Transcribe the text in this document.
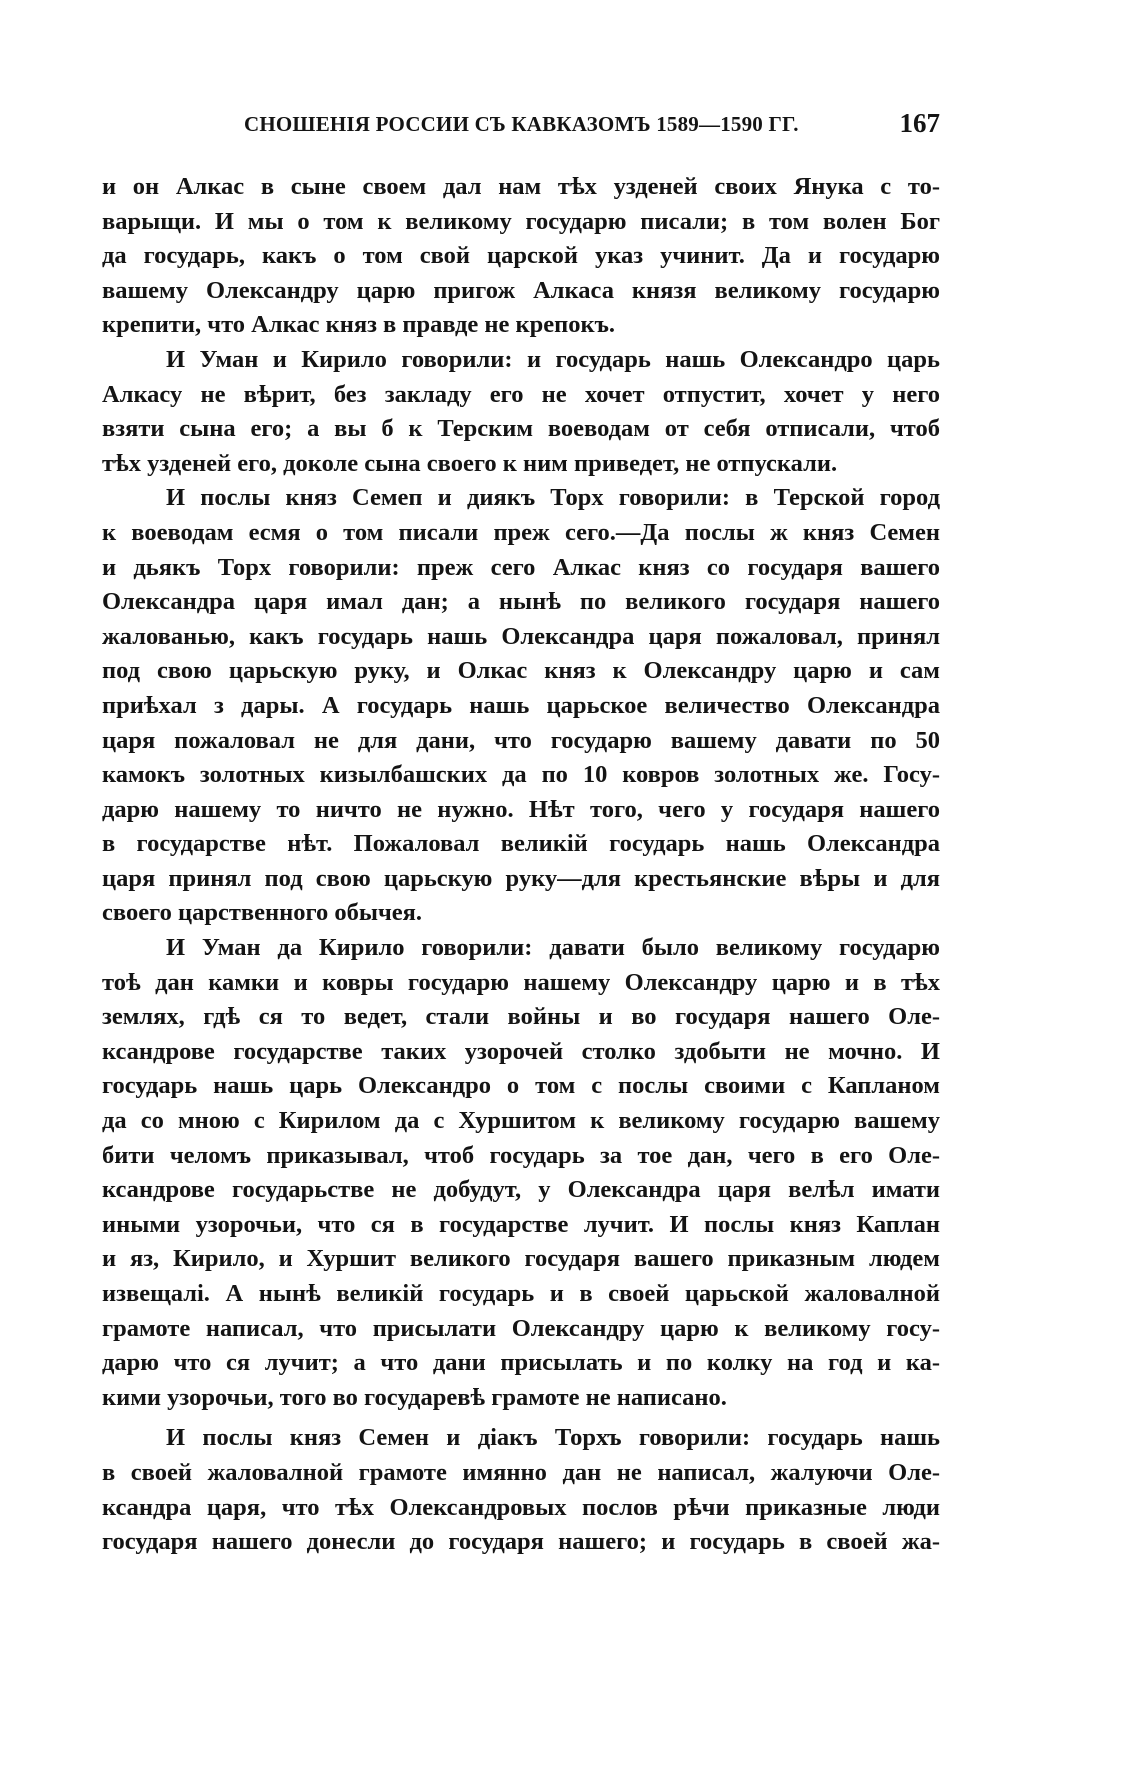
СНОШЕНІЯ РОССИИ СЪ КАВКАЗОМЪ 1589—1590 ГГ.	167
и он Алкас в сыне своем дал нам тѣх узденей своих Янука с то-
варыщи. И мы о том к великому государю писали; в том волен Бог
да государь, какъ о том свой царской указ учинит. Да и государю
вашему Олександру царю пригож Алкаса князя великому государю
крепити, что Алкас княз в правде не крепокъ.
И Уман и Кирило говорили: и государь нашь Олександро царь
Алкасу не вѣрит, без закладу его не хочет отпустит, хочет у него
взяти сына его; а вы б к Терским воеводам от себя отписали, чтоб
тѣх узденей его, доколе сына своего к ним приведет, не отпускали.
И послы княз Семеп и диякъ Торх говорили: в Терской город
к воеводам есмя о том писали преж сего.—Да послы ж княз Семен
и дьякъ Торх говорили: преж сего Алкас княз со государя вашего
Олександра царя имал дан; а нынѣ по великого государя нашего
жалованью, какъ государь нашь Олександра царя пожаловал, принял
под свою царьскую руку, и Олкас княз к Олександру царю и сам
приѣхал з дары. А государь нашь царьское величество Олександра
царя пожаловал не для дани, что государю вашему давати по 50
камокъ золотных кизылбашских да по 10 ковров золотных же. Госу-
дарю нашему то ничто не нужно. Нѣт того, чего у государя нашего
в государстве нѣт. Пожаловал великій государь нашь Олександра
царя принял под свою царьскую руку—для крестьянские вѣры и для
своего царственного обычея.
И Уман да Кирило говорили: давати было великому государю
тоѣ дан камки и ковры государю нашему Олександру царю и в тѣх
землях, гдѣ ся то ведет, стали войны и во государя нашего Оле-
ксандрове государстве таких узорочей столко здобыти не мочно. И
государь нашь царь Олександро о том с послы своими с Капланом
да со мною с Кирилом да с Хуршитом к великому государю вашему
бити челомъ приказывал, чтоб государь за тое дан, чего в его Оле-
ксандрове государьстве не добудут, у Олександра царя велѣл имати
иными узорочьи, что ся в государстве лучит. И послы княз Каплан
и яз, Кирило, и Хуршит великого государя вашего приказным людем
извещалі. А нынѣ великій государь и в своей царьской жаловалной
грамоте написал, что присылати Олександру царю к великому госу-
дарю что ся лучит; а что дани присылать и по колку на год и ка-
кими узорочьи, того во государевѣ грамоте не написано.
И послы княз Семен и діакъ Торхъ говорили: государь нашь
в своей жаловалной грамоте имянно дан не написал, жалуючи Оле-
ксандра царя, что тѣх Олександровых послов рѣчи приказные люди
государя нашего донесли до государя нашего; и государь в своей жа-
